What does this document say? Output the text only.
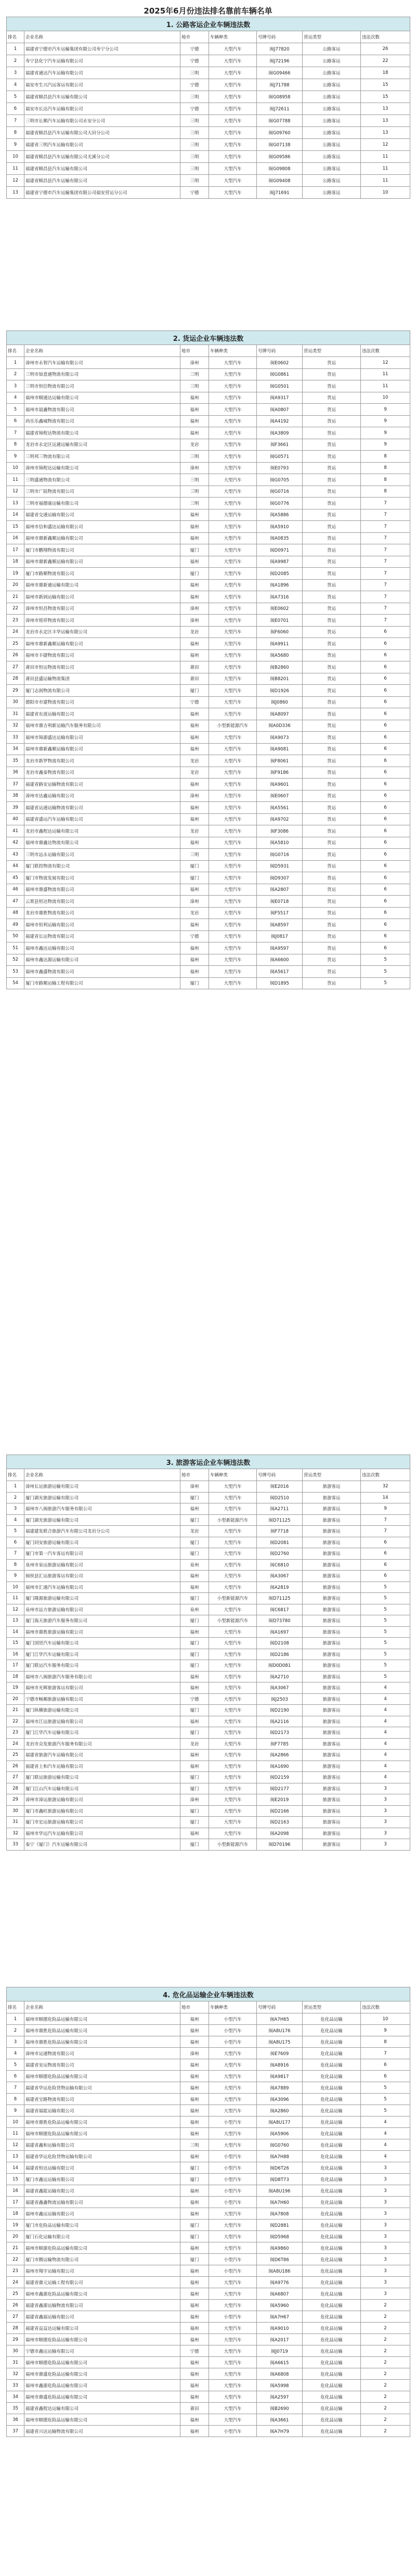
2025年6月份违法排名靠前车辆名单
1. 公路客运企业车辆违法数						
排名	企业名称	地市	车辆种类	号牌号码	营运类型	违法次数
1	福建省宁德市汽车运输集团有限公司寿宁分公司	宁德	大型汽车	闽J77820	公路客运	26
2	寿宁县化宁汽车运输有限公司	宁德	大型汽车	闽J72196	公路客运	22
3	福建省通达汽车运输有限公司	三明	大型汽车	闽G09466	公路客运	18
4	福安市生兴汽运客运有限公司	宁德	大型汽车	闽J71788	公路客运	15
5	福建省顺昌县汽车运输有限公司	三明	大型汽车	闽G08958	公路客运	15
6	福安市长达汽车运输有限公司	宁德	大型汽车	闽J72611	公路客运	13
7	三明市长顺汽车运输有限公司永安分公司	三明	大型汽车	闽G07788	公路客运	13
8	福建省顺昌县汽车运输有限公司大田分公司	三明	大型汽车	闽G09760	公路客运	13
9	福建省三明汽车运输有限公司	三明	大型汽车	闽G07138	公路客运	12
10	福建省顺昌县汽车运输有限公司尤溪分公司	三明	大型汽车	闽G09586	公路客运	11
11	福建省顺昌县汽车运输有限公司	三明	大型汽车	闽G09808	公路客运	11
12	福建省顺昌县汽车运输有限公司	三明	大型汽车	闽G09408	公路客运	11
13	福建省宁德市汽车运输集团有限公司福安营运分公司	宁德	大型汽车	闽J71691	公路客运	10
2. 货运企业车辆违法数						
排名	企业名称	地市	车辆种类	号牌号码	营运类型	违法次数
1	漳州市永智汽车运输有限公司	漳州	大型汽车	闽E0602	货运	12
2	三明市如意通物流有限公司	三明	大型汽车	闽G0861	货运	11
3	三明市恒信物流有限公司	三明	大型汽车	闽G0501	货运	11
4	福州市顺通达运输有限公司	福州	大型汽车	闽A9317	货运	10
5	福州市晨鑫物流有限公司	福州	大型汽车	闽A0807	货运	9
6	尚乐乐鑫城物流有限公司	福州	大型汽车	闽A4192	货运	9
7	福建省锦程达物流有限公司	福州	大型汽车	闽A3809	货运	9
8	龙岩市永定区运通运输有限公司	龙岩	大型汽车	闽F3661	货运	9
9	三明邦三物流有限公司	三明	大型汽车	闽G0571	货运	8
10	漳州市锦程达运输有限公司	漳州	大型汽车	闽E0793	货运	8
11	三明盛通物流有限公司	三明	大型汽车	闽G0705	货运	8
12	三明市广陆物流有限公司	三明	大型汽车	闽G0716	货运	8
13	三明市福德康运输有限公司	三明	大型汽车	闽G0776	货运	7
14	福建省交通运输有限公司	福州	大型汽车	闽A5886	货运	7
15	福州市信和盛达运输有限公司	福州	大型汽车	闽A5910	货运	7
16	福州市鼎新鑫顺运输有限公司	福州	大型汽车	闽A0835	货运	7
17	厦门市鹏翔物流有限公司	厦门	大型汽车	闽D0971	货运	7
18	福州市鼎新鑫顺运输有限公司	福州	大型汽车	闽A9987	货运	7
19	厦门市路顺物流有限公司	厦门	大型汽车	闽D2085	货运	7
20	福州市鼎新通运输有限公司	福州	大型汽车	闽A1896	货运	7
21	福州市新润运输有限公司	福州	大型汽车	闽A7316	货运	7
22	漳州市恒昌物流有限公司	漳州	大型汽车	闽E0602	货运	7
23	漳州市铭祥物流有限公司	漳州	大型汽车	闽E0701	货运	7
24	龙岩市永定区丰华运输有限公司	龙岩	大型汽车	闽F6060	货运	6
25	福州市鼎新鑫顺运输有限公司	福州	大型汽车	闽A9911	货运	6
26	福州市丰捷物流有限公司	福州	大型汽车	闽A5680	货运	6
27	莆田市恒运物流有限公司	莆田	大型汽车	闽B2860	货运	6
28	莆田县盛运输物流集团	莆田	大型汽车	闽B8201	货运	6
29	厦门志润物流有限公司	厦门	大型汽车	闽D1926	货运	6
30	德阳市市建物流有限公司	宁德	大型汽车	闽J0860	货运	6
31	福建省东道运输有限公司	福州	大型汽车	闽A8097	货运	6
32	福州市鼎吉利新运输汽车服务有限公司	福州	小型新能源汽车	闽A0D336	货运	6
33	福州市锦源盛达运输有限公司	福州	大型汽车	闽A9073	货运	6
34	福州市鼎新鑫顺运输有限公司	福州	大型汽车	闽A9081	货运	6
35	龙岩市新罗物流有限公司	龙岩	大型汽车	闽F8061	货运	6
36	龙岩市鑫泰物流有限公司	龙岩	大型汽车	闽F9186	货运	6
37	福建省路安运输物流有限公司	福州	大型汽车	闽A9601	货运	6
38	漳州市达鑫运输有限公司	漳州	大型汽车	闽E0607	货运	6
39	福建省运通运输物流有限公司	福州	大型汽车	闽A5561	货运	6
40	福建省盛运汽车运输有限公司	福州	大型汽车	闽A9702	货运	6
41	龙岩市鑫程达运输有限公司	龙岩	大型汽车	闽F3086	货运	6
42	福州市鼎鑫达物流有限公司	福州	大型汽车	闽A5810	货运	6
43	三明市远永运输有限公司	三明	大型汽车	闽G0716	货运	6
44	厦门联投物流有限公司	厦门	大型汽车	闽D5931	货运	6
45	厦门市物流发展有限公司	厦门	大型汽车	闽D9307	货运	6
46	福州市鼎盛物流有限公司	福州	大型汽车	闽A2807	货运	6
47	云霄县恒达物流有限公司	漳州	大型汽车	闽E0718	货运	6
48	龙岩市鼎胜物流有限公司	龙岩	大型汽车	闽F5517	货运	6
49	福州市恒利运输有限公司	福州	大型汽车	闽A8597	货运	6
50	福建省长运物流有限公司	宁德	大型汽车	闽J0817	货运	6
51	福州市鑫达运输有限公司	福州	大型汽车	闽A9597	货运	6
52	福州市鑫达源运输有限公司	福州	大型汽车	闽A6600	货运	5
53	福州市鑫盛物流有限公司	福州	大型汽车	闽A5617	货运	5
54	厦门市路顺运输工程有限公司	厦门	大型汽车	闽D1895	货运	5
3. 旅游客运企业车辆违法数						
排名	企业名称	地市	车辆种类	号牌号码	营运类型	违法次数
1	漳州长运旅游运输有限公司	漳州	大型汽车	闽E2016	旅游客运	32
2	厦门湖光旅游运输有限公司	厦门	大型汽车	闽D2510	旅游客运	14
3	福州市八闽旅游汽车服务有限公司	福州	大型汽车	闽A2711	旅游客运	9
4	厦门湖光旅游运输有限公司	厦门	小型新能源汽车	闽D71125	旅游客运	7
5	福建建发联合旅游汽车有限公司龙岩分公司	龙岩	大型汽车	闽F7718	旅游客运	7
6	厦门同安旅游运输有限公司	厦门	大型汽车	闽D2081	旅游客运	6
7	厦门市第一汽车客运有限公司	厦门	大型汽车	闽D2760	旅游客运	6
8	泉州市泉运旅游运输有限公司	泉州	大型汽车	闽C6810	旅游客运	6
9	闽侯县汇运旅游客运有限公司	福州	大型汽车	闽A3067	旅游客运	6
10	福州市汇通汽车运输有限公司	福州	大型汽车	闽A2819	旅游客运	5
11	厦门隆源旅游运输有限公司	厦门	小型新能源汽车	闽D71125	旅游客运	5
12	泉州市远方旅游运输有限公司	泉州	大型汽车	闽C6817	旅游客运	5
13	厦门海天旅游汽车服务有限公司	厦门	小型新能源汽车	闽D73780	旅游客运	5
14	福州市鼎胜旅游运输有限公司	福州	大型汽车	闽A1697	旅游客运	5
15	厦门国贸汽车运输有限公司	厦门	大型汽车	闽D2108	旅游客运	5
16	厦门江华汽车运输有限公司	厦门	大型汽车	闽D2186	旅游客运	5
17	厦门联运汽车服务有限公司	厦门	大型汽车	闽D0D081	旅游客运	5
18	福州市八闽旅游汽车服务有限公司	福州	大型汽车	闽A2710	旅游客运	5
19	福州市光辉旅游客运有限公司	福州	大型汽车	闽A3067	旅游客运	4
20	宁德市畅顺旅游运输有限公司	宁德	大型汽车	闽J2503	旅游客运	4
21	厦门纵横旅游运输有限公司	厦门	大型汽车	闽D2190	旅游客运	4
22	福州市江运旅游运输有限公司	福州	大型汽车	闽A2116	旅游客运	4
23	厦门江华汽车运输有限公司	厦门	大型汽车	闽D2173	旅游客运	4
24	龙岩市众发旅游汽车服务有限公司	龙岩	大型汽车	闽F7785	旅游客运	4
25	福建省旅游汽车运输有限公司	福州	大型汽车	闽A2866	旅游客运	4
26	福建省上和汽车运输有限公司	福州	大型汽车	闽A1690	旅游客运	4
27	厦门联运旅游运输有限公司	厦门	大型汽车	闽D2159	旅游客运	4
28	厦门江山汽车运输有限公司	厦门	大型汽车	闽D2177	旅游客运	3
29	漳州市漳运旅游运输有限公司	漳州	大型汽车	闽E2019	旅游客运	3
30	厦门市鑫旺旅游运输有限公司	厦门	大型汽车	闽D2166	旅游客运	3
31	厦门市宏运旅游运输有限公司	厦门	大型汽车	闽D2163	旅游客运	3
32	福州市华运汽车运输有限公司	福州	大型汽车	闽A2098	旅游客运	3
33	泰宁（厦门）汽车运输有限公司	厦门	小型新能源汽车	闽D70196	旅游客运	3
4. 危化品运输企业车辆违法数						
排名	企业名称	地市	车辆种类	号牌号码	营运类型	违法次数
1	福州市顺德危险品运输有限公司	福州	小型汽车	闽A7H65	危化品运输	10
2	福州市鼎胜危险品运输有限公司	福州	小型汽车	闽A8U176	危化品运输	9
3	福州市鼎胜危险品运输有限公司	福州	小型汽车	闽A8U175	危化品运输	8
4	漳州市运通物流有限公司	漳州	大型汽车	闽E7609	危化品运输	7
5	福建省安运物流有限公司	福州	大型汽车	闽A8916	危化品运输	6
6	福州市顺德危险品运输有限公司	福州	大型汽车	闽A9817	危化品运输	6
7	福建省华运危险货物运输有限公司	福州	大型汽车	闽A7889	危化品运输	5
8	福建省宝路物流有限公司	福州	大型汽车	闽A3096	危化品运输	5
9	福建省福能运输有限公司	福州	大型汽车	闽A2860	危化品运输	5
10	福州市鼎胜危险品运输有限公司	福州	小型汽车	闽A8U177	危化品运输	4
11	福州市顺德危险品运输有限公司	福州	大型汽车	闽A5906	危化品运输	4
12	福建省鑫和运输有限公司	三明	大型汽车	闽G0760	危化品运输	4
13	福建省华运危险货物运输有限公司	福州	小型汽车	闽A7H88	危化品运输	4
14	福建省恒达运输有限公司	厦门	小型汽车	闽D6T26	危化品运输	3
15	厦门市鑫运运输有限公司	厦门	小型汽车	闽D8T73	危化品运输	3
16	福建省鑫能运输有限公司	福州	小型汽车	闽A8U196	危化品运输	3
17	福建省鑫鑫物流运输有限公司	福州	小型汽车	闽A7H60	危化品运输	3
18	福州市鑫运运输有限公司	福州	大型汽车	闽A7808	危化品运输	3
19	厦门市危险品运输有限公司	厦门	大型汽车	闽D2881	危化品运输	3
20	厦门石化运输有限公司	厦门	大型汽车	闽D5968	危化品运输	3
21	福州市顺源危险品运输有限公司	福州	大型汽车	闽A9860	危化品运输	3
22	厦门市腾运输物流有限公司	厦门	小型汽车	闽D6T86	危化品运输	3
23	福州市翔宇运输有限公司	福州	小型汽车	闽A8U186	危化品运输	3
24	福建省鼎元运输工程有限公司	福州	大型汽车	闽A9776	危化品运输	3
25	福州市鑫源危险品运输有限公司	福州	大型汽车	闽A6807	危化品运输	3
26	福建省鑫源运输物流有限公司	福州	大型汽车	闽A5960	危化品运输	2
27	福建省鑫福运输有限公司	福州	小型汽车	闽A7H67	危化品运输	2
28	福建省益益达运输有限公司	福州	大型汽车	闽A9010	危化品运输	2
29	福州市顺德危险品运输有限公司	福州	大型汽车	闽A2017	危化品运输	2
30	宁德市鑫运运输有限公司	宁德	大型汽车	闽J0719	危化品运输	2
31	福州市顺德危险品运输有限公司	福州	大型汽车	闽A6615	危化品运输	2
32	福州市鼎盛危险品运输有限公司	福州	大型汽车	闽A6808	危化品运输	2
33	福州市鑫源危险品运输有限公司	福州	大型汽车	闽A5998	危化品运输	2
34	福州市鼎盛危险品运输有限公司	福州	大型汽车	闽A2597	危化品运输	2
35	福建省鑫程达运输有限公司	莆田	大型汽车	闽B2690	危化品运输	2
36	福州市顺德危险品运输有限公司	福州	大型汽车	闽A3661	危化品运输	2
37	福建省兴达运输物流有限公司	福州	小型汽车	闽A7H79	危化品运输	2
